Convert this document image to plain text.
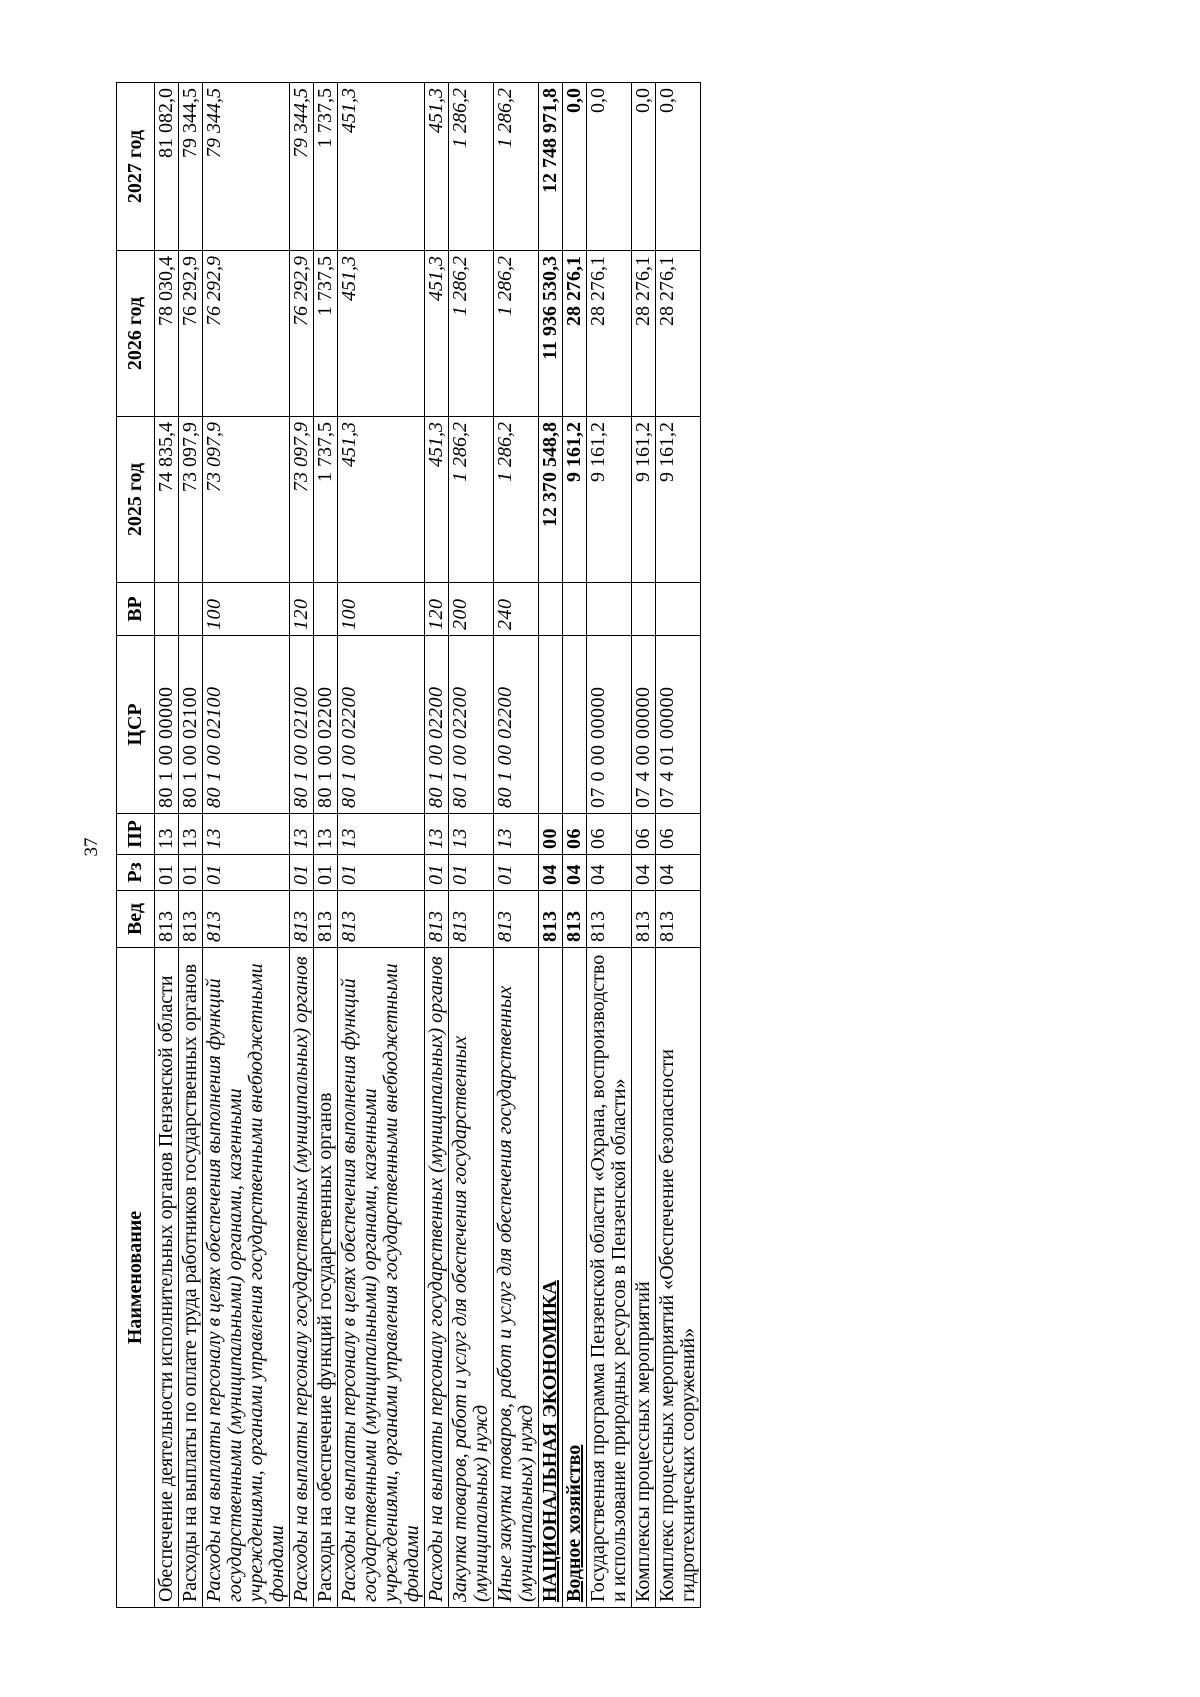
37
Наименование	Вед	Рз	ПР	ЦСР	ВР	2025 год	2026 год	2027 год
Обеспечение деятельности исполнительных органов Пензенской области	813	01	13	80 1 00 00000		74 835,4	78 030,4	81 082,0
Расходы на выплаты по оплате труда работников государственных органов	813	01	13	80 1 00 02100		73 097,9	76 292,9	79 344,5
Расходы на выплаты персоналу в целях обеспечения выполнения функций государственными (муниципальными) органами, казенными учреждениями, органами управления государственными внебюджетными фондами	813	01	13	80 1 00 02100	100	73 097,9	76 292,9	79 344,5
Расходы на выплаты персоналу государственных (муниципальных) органов	813	01	13	80 1 00 02100	120	73 097,9	76 292,9	79 344,5
Расходы на обеспечение функций государственных органов	813	01	13	80 1 00 02200		1 737,5	1 737,5	1 737,5
Расходы на выплаты персоналу в целях обеспечения выполнения функций государственными (муниципальными) органами, казенными учреждениями, органами управления государственными внебюджетными фондами	813	01	13	80 1 00 02200	100	451,3	451,3	451,3
Расходы на выплаты персоналу государственных (муниципальных) органов	813	01	13	80 1 00 02200	120	451,3	451,3	451,3
Закупка товаров, работ и услуг для обеспечения государственных (муниципальных) нужд	813	01	13	80 1 00 02200	200	1 286,2	1 286,2	1 286,2
Иные закупки товаров, работ и услуг для обеспечения государственных (муниципальных) нужд	813	01	13	80 1 00 02200	240	1 286,2	1 286,2	1 286,2
НАЦИОНАЛЬНАЯ ЭКОНОМИКА	813	04	00			12 370 548,8	11 936 530,3	12 748 971,8
Водное хозяйство	813	04	06			9 161,2	28 276,1	0,0
Государственная программа Пензенской области «Охрана, воспроизводство и использование природных ресурсов в Пензенской области»	813	04	06	07 0 00 00000		9 161,2	28 276,1	0,0
Комплексы процессных мероприятий	813	04	06	07 4 00 00000		9 161,2	28 276,1	0,0
Комплекс процессных мероприятий «Обеспечение безопасности гидротехнических сооружений»	813	04	06	07 4 01 00000		9 161,2	28 276,1	0,0
